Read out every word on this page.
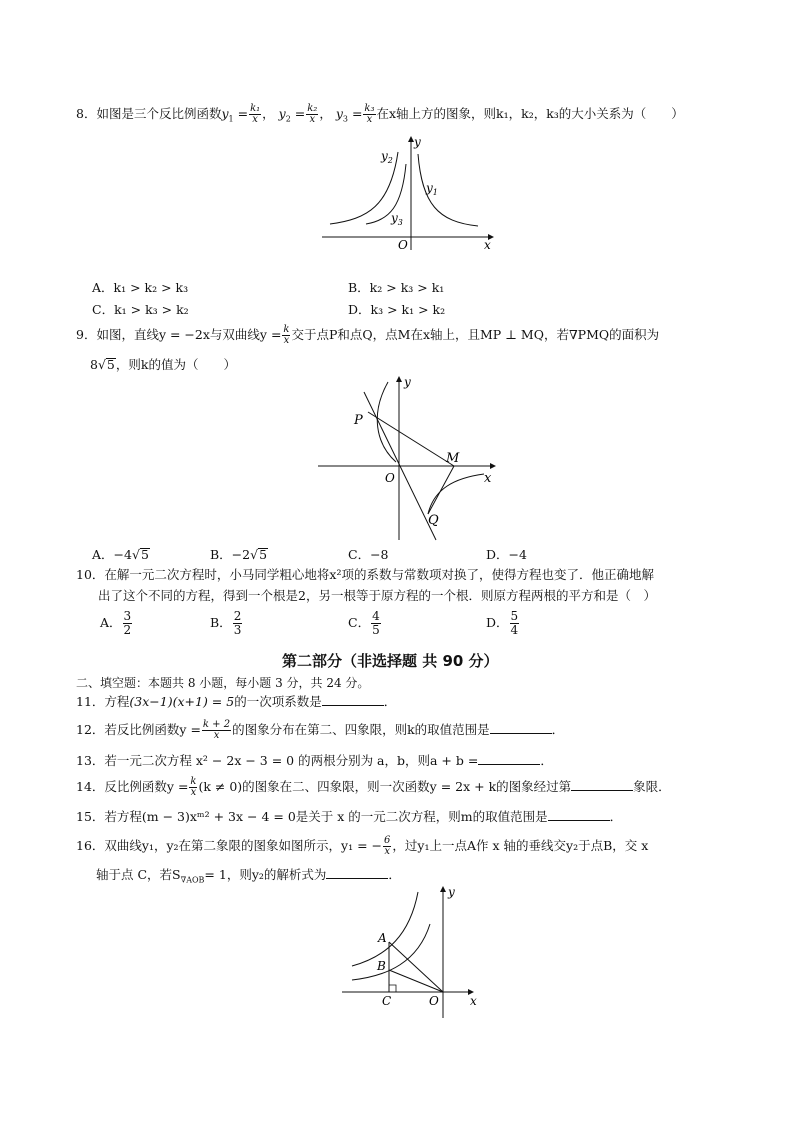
8．如图是三个反比例函数$y_1 = \frac{\text{k₁}}{x}$ ， $y_2 = \frac{\text{k₂}}{x}$ ， $y_3 = \frac{\text{k₃}}{x}$ 在x轴上方的图象，则k₁，k₂，k₃的大小关系为（　　）
y
x
O
$y_2$
$y_1$
$y_3$
A．k₁ > k₂ > k₃	B．k₂ > k₃ > k₁
C．k₁ > k₃ > k₂	D．k₃ > k₁ > k₂
9．如图，直线y = −2x与双曲线$y = \frac{k}{x}$ 交于点P和点Q，点M在x轴上，且MP ⊥ MQ，若∇PMQ的面积为
8√5，则k的值为（　　）
y
x
O
P
M
Q
A．−4√5	B．−2√5	C．−8	D．−4
10．在解一元二次方程时，小马同学粗心地将x²项的系数与常数项对换了，使得方程也变了．他正确地解
出了这个不同的方程，得到一个根是2，另一根等于原方程的一个根．则原方程两根的平方和是（　）
A． $\frac{3}{2}$	B． $\frac{2}{3}$	C． $\frac{4}{5}$	D． $\frac{5}{4}$
第二部分（非选择题 共 90 分）
二、填空题：本题共 8 小题，每小题 3 分，共 24 分。
11．方程(3x−1)(x+1) = 5的一次项系数是	．
12．若反比例函数$y = \frac{k + 2}{x}$ 的图象分布在第二、四象限，则k的取值范围是	．
13．若一元二次方程 x² − 2x − 3 = 0 的两根分别为 a，b，则a + b =	．
14．反比例函数$y = \frac{k}{x} (k \ne 0)$的图象在二、四象限，则一次函数y = 2x + k的图象经过第	象限．
15．若方程(m − 3)xᵐ² + 3x − 4 = 0是关于 x 的一元二次方程，则m的取值范围是	．
16．双曲线y₁，y₂在第二象限的图象如图所示，y₁ = − $\frac{6}{x}$ ，过y₁上一点A作 x 轴的垂线交y₂于点B，交 x
轴于点 C，若$S_{\nabla AOB}= 1$，则y₂的解析式为	．
y
x
O
A
B
C
